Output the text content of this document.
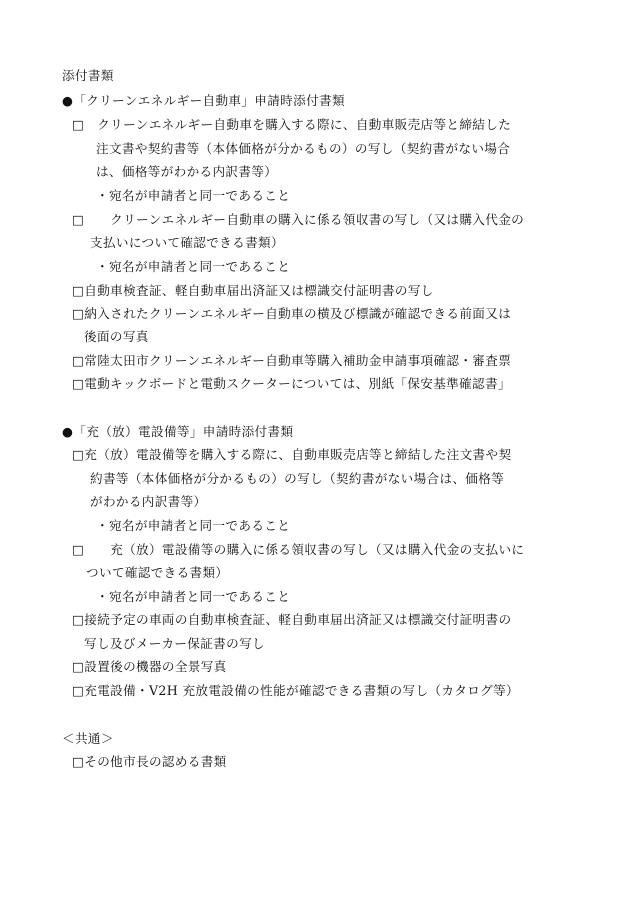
添付書類
●「クリーンエネルギー自動車」申請時添付書類
□　クリーンエネルギー自動車を購入する際に、自動車販売店等と締結した
注文書や契約書等（本体価格が分かるもの）の写し（契約書がない場合
は、価格等がわかる内訳書等）
・宛名が申請者と同一であること
□　　クリーンエネルギー自動車の購入に係る領収書の写し（又は購入代金の
支払いについて確認できる書類）
・宛名が申請者と同一であること
□自動車検査証、軽自動車届出済証又は標識交付証明書の写し
□納入されたクリーンエネルギー自動車の横及び標識が確認できる前面又は
後面の写真
□常陸太田市クリーンエネルギー自動車等購入補助金申請事項確認・審査票
□電動キックボードと電動スクーターについては、別紙「保安基準確認書」
●「充（放）電設備等」申請時添付書類
□充（放）電設備等を購入する際に、自動車販売店等と締結した注文書や契
約書等（本体価格が分かるもの）の写し（契約書がない場合は、価格等
がわかる内訳書等）
・宛名が申請者と同一であること
□　　充（放）電設備等の購入に係る領収書の写し（又は購入代金の支払いに
ついて確認できる書類）
・宛名が申請者と同一であること
□接続予定の車両の自動車検査証、軽自動車届出済証又は標識交付証明書の
写し及びメーカー保証書の写し
□設置後の機器の全景写真
□充電設備・V2H 充放電設備の性能が確認できる書類の写し（カタログ等）
＜共通＞
□その他市長の認める書類
